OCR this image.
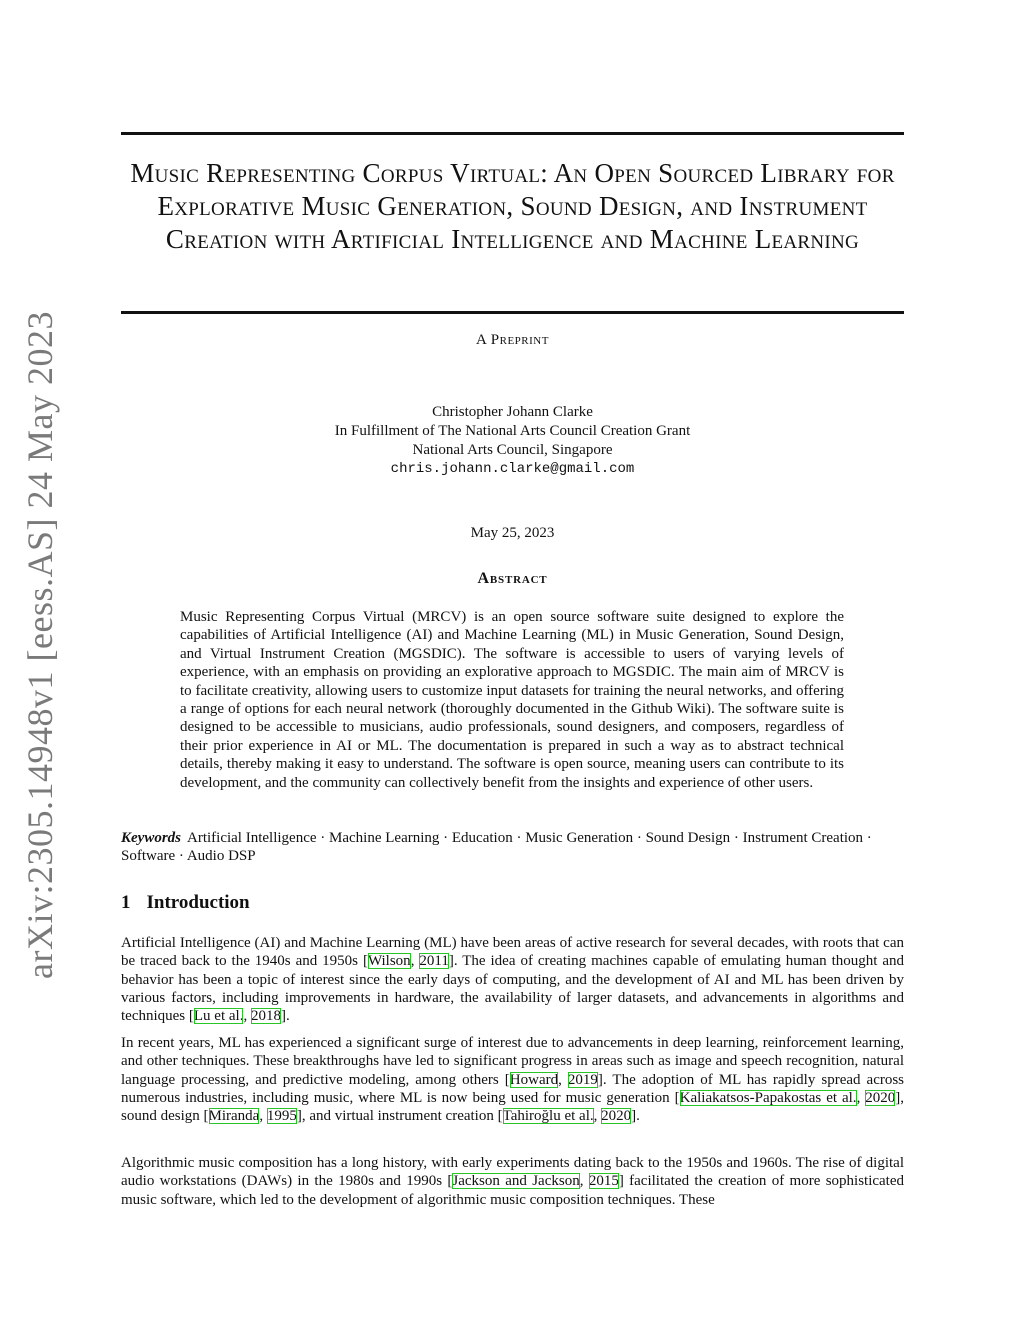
arXiv:2305.14948v1 [eess.AS] 24 May 2023
Music Representing Corpus Virtual: An Open Sourced Library for Explorative Music Generation, Sound Design, and Instrument Creation with Artificial Intelligence and Machine Learning
A Preprint
Christopher Johann Clarke
In Fulfillment of The National Arts Council Creation Grant
National Arts Council, Singapore
chris.johann.clarke@gmail.com
May 25, 2023
Abstract
Music Representing Corpus Virtual (MRCV) is an open source software suite designed to explore the capabilities of Artificial Intelligence (AI) and Machine Learning (ML) in Music Generation, Sound Design, and Virtual Instrument Creation (MGSDIC). The software is accessible to users of varying levels of experience, with an emphasis on providing an explorative approach to MGSDIC. The main aim of MRCV is to facilitate creativity, allowing users to customize input datasets for training the neural networks, and offering a range of options for each neural network (thoroughly documented in the Github Wiki). The software suite is designed to be accessible to musicians, audio professionals, sound designers, and composers, regardless of their prior experience in AI or ML. The documentation is prepared in such a way as to abstract technical details, thereby making it easy to understand. The software is open source, meaning users can contribute to its development, and the community can collectively benefit from the insights and experience of other users.
Keywords Artificial Intelligence · Machine Learning · Education · Music Generation · Sound Design · Instrument Creation · Software · Audio DSP
1 Introduction
Artificial Intelligence (AI) and Machine Learning (ML) have been areas of active research for several decades, with roots that can be traced back to the 1940s and 1950s [Wilson, 2011]. The idea of creating machines capable of emulating human thought and behavior has been a topic of interest since the early days of computing, and the development of AI and ML has been driven by various factors, including improvements in hardware, the availability of larger datasets, and advancements in algorithms and techniques [Lu et al., 2018].
In recent years, ML has experienced a significant surge of interest due to advancements in deep learning, reinforcement learning, and other techniques. These breakthroughs have led to significant progress in areas such as image and speech recognition, natural language processing, and predictive modeling, among others [Howard, 2019]. The adoption of ML has rapidly spread across numerous industries, including music, where ML is now being used for music generation [Kaliakatsos-Papakostas et al., 2020], sound design [Miranda, 1995], and virtual instrument creation [Tahiroğlu et al., 2020].
Algorithmic music composition has a long history, with early experiments dating back to the 1950s and 1960s. The rise of digital audio workstations (DAWs) in the 1980s and 1990s [Jackson and Jackson, 2015] facilitated the creation of more sophisticated music software, which led to the development of algorithmic music composition techniques. These
